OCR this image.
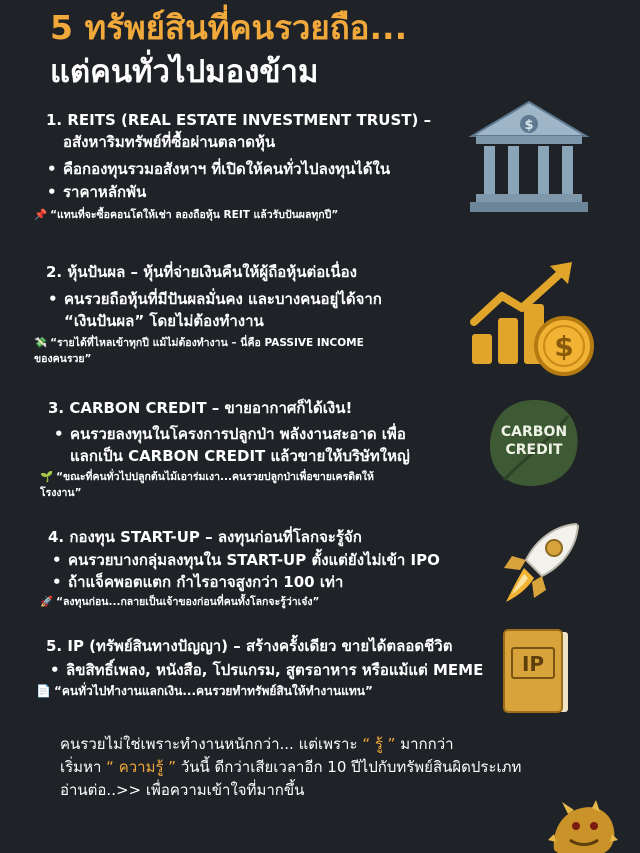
5 ทรัพย์สินที่คนรวยถือ...
แต่คนทั่วไปมองข้าม
1. REITS (REAL ESTATE INVESTMENT TRUST) –
อสังหาริมทรัพย์ที่ซื้อผ่านตลาดหุ้น
• คือกองทุนรวมอสังหาฯ ที่เปิดให้คนทั่วไปลงทุนได้ใน
• ราคาหลักพัน
📌 “แทนที่จะซื้อคอนโดให้เช่า ลองถือหุ้น REIT แล้วรับปันผลทุกปี”
$
2. หุ้นปันผล – หุ้นที่จ่ายเงินคืนให้ผู้ถือหุ้นต่อเนื่อง
• คนรวยถือหุ้นที่มีปันผลมั่นคง และบางคนอยู่ได้จาก
“เงินปันผล” โดยไม่ต้องทำงาน
💸 “รายได้ที่ไหลเข้าทุกปี แม้ไม่ต้องทำงาน – นี่คือ PASSIVE INCOME
ของคนรวย”	$
3. CARBON CREDIT – ขายอากาศก็ได้เงิน!
• คนรวยลงทุนในโครงการปลูกป่า พลังงานสะอาด เพื่อ
แลกเป็น CARBON CREDIT แล้วขายให้บริษัทใหญ่
🌱 “ขณะที่คนทั่วไปปลูกต้นไม้เอาร่มเงา...คนรวยปลูกป่าเพื่อขายเครดิตให้
โรงงาน”
CARBON
CREDIT
4. กองทุน START-UP – ลงทุนก่อนที่โลกจะรู้จัก
• คนรวยบางกลุ่มลงทุนใน START-UP ตั้งแต่ยังไม่เข้า IPO
• ถ้าแจ็คพอตแตก กำไรอาจสูงกว่า 100 เท่า
🚀 “ลงทุนก่อน...กลายเป็นเจ้าของก่อนที่คนทั้งโลกจะรู้ว่าเจ๋ง”
5. IP (ทรัพย์สินทางปัญญา) – สร้างครั้งเดียว ขายได้ตลอดชีวิต
• ลิขสิทธิ์เพลง, หนังสือ, โปรแกรม, สูตรอาหาร หรือแม้แต่ MEME
📄 “คนทั่วไปทำงานแลกเงิน...คนรวยทำทรัพย์สินให้ทำงานแทน”
IP
คนรวยไม่ใช่เพราะทำงานหนักกว่า... แต่เพราะ “ รู้ ” มากกว่า
เริ่มหา “ ความรู้ ” วันนี้ ดีกว่าเสียเวลาอีก 10 ปีไปกับทรัพย์สินผิดประเภท
อ่านต่อ..>> เพื่อความเข้าใจที่มากขึ้น
